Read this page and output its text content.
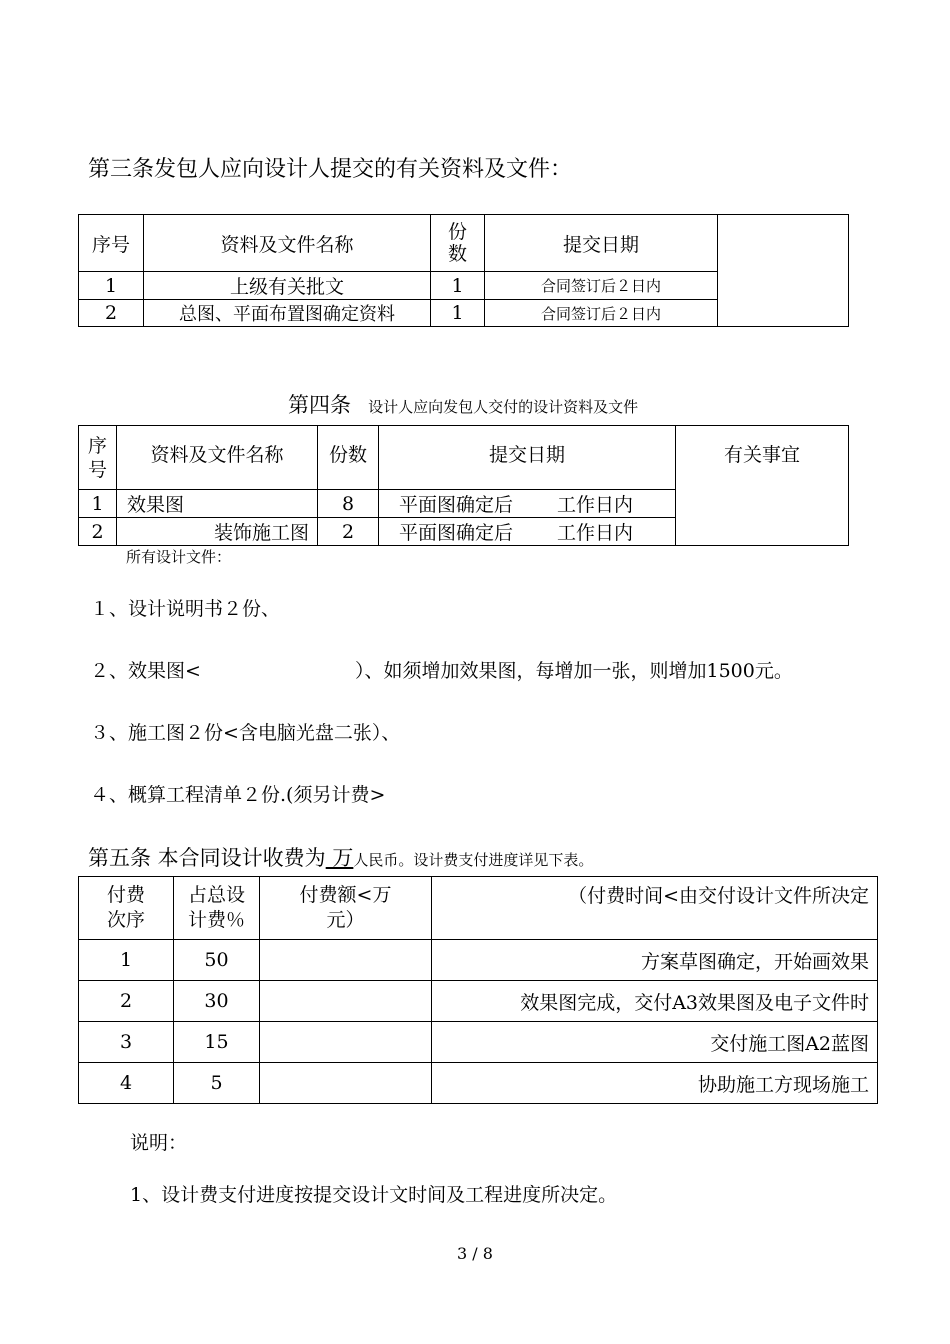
第三条发包人应向设计人提交的有关资料及文件：
序号	资料及文件名称	份数	提交日期	
1	上级有关批文	1	合同签订后２日内	
2	总图、平面布置图确定资料	1	合同签订后２日内	
第四条 设计人应向发包人交付的设计资料及文件
序号	资料及文件名称	份数	提交日期	有关事宜
1	效果图	8	平面图确定后 工作日内	
2	装饰施工图	2	平面图确定后 工作日内	
所有设计文件：
１、设计说明书２份、
２、效果图<	）、如须增加效果图，每增加一张，则增加1500元。
３、施工图２份<含电脑光盘二张）、
４、概算工程清单２份.(须另计费>
第五条 本合同设计收费为 万人民币。设计费支付进度详见下表。
付费次序	占总设计费％	付费额<万元）	（付费时间<由交付设计文件所决定
1	50		方案草图确定，开始画效果
2	30		效果图完成，交付A3效果图及电子文件时
3	15		交付施工图A2蓝图
4	5		协助施工方现场施工
说明：
1、设计费支付进度按提交设计文时间及工程进度所决定。
3 / 8
